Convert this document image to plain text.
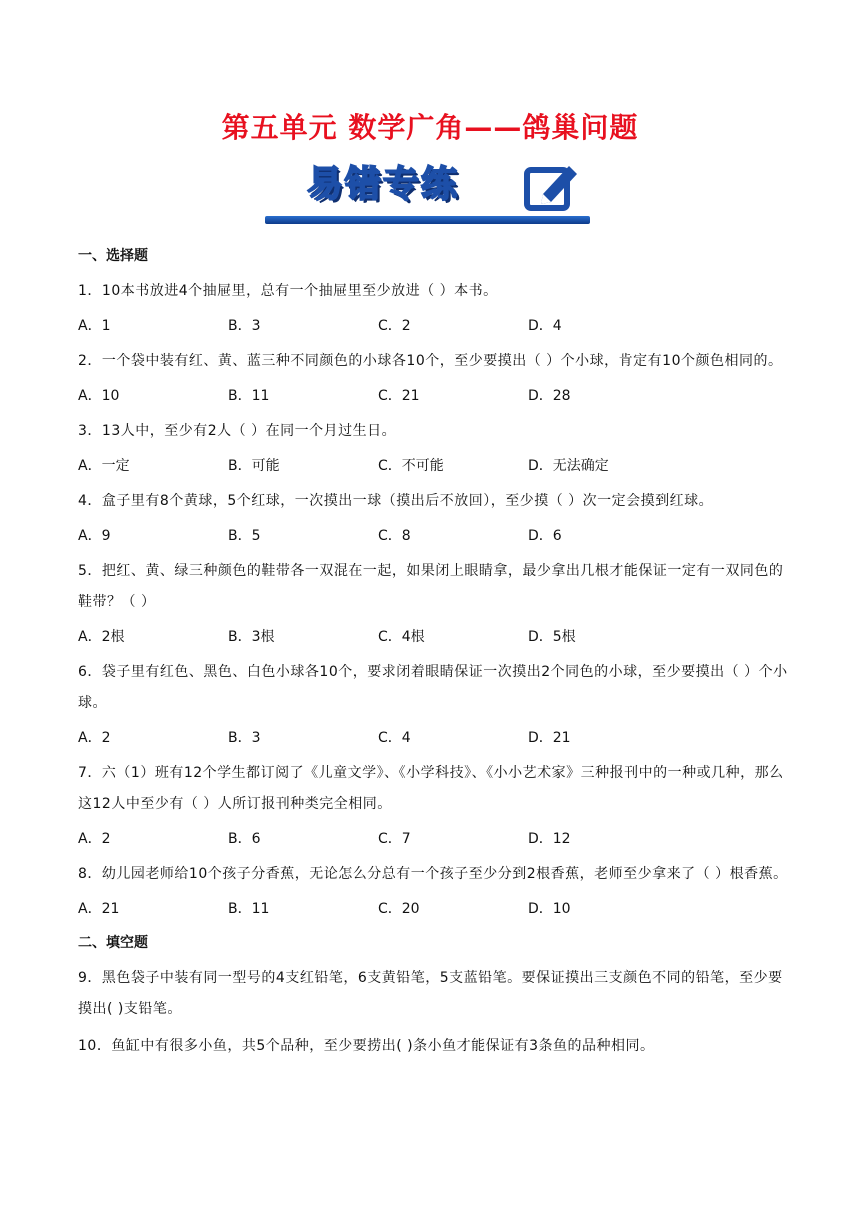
第五单元 数学广角——鸽巢问题
易错专练
一、选择题
1．10本书放进4个抽屉里，总有一个抽屉里至少放进（ ）本书。
A．1	B．3	C．2	D．4
2．一个袋中装有红、黄、蓝三种不同颜色的小球各10个，至少要摸出（ ）个小球，肯定有10个颜色相同的。
A．10	B．11	C．21	D．28
3．13人中，至少有2人（ ）在同一个月过生日。
A．一定	B．可能	C．不可能	D．无法确定
4．盒子里有8个黄球，5个红球，一次摸出一球（摸出后不放回），至少摸（ ）次一定会摸到红球。
A．9	B．5	C．8	D．6
5．把红、黄、绿三种颜色的鞋带各一双混在一起，如果闭上眼睛拿，最少拿出几根才能保证一定有一双同色的鞋带？（ ）
A．2根	B．3根	C．4根	D．5根
6．袋子里有红色、黑色、白色小球各10个，要求闭着眼睛保证一次摸出2个同色的小球，至少要摸出（ ）个小球。
A．2	B．3	C．4	D．21
7．六（1）班有12个学生都订阅了《儿童文学》、《小学科技》、《小小艺术家》三种报刊中的一种或几种，那么这12人中至少有（ ）人所订报刊种类完全相同。
A．2	B．6	C．7	D．12
8．幼儿园老师给10个孩子分香蕉，无论怎么分总有一个孩子至少分到2根香蕉，老师至少拿来了（ ）根香蕉。
A．21	B．11	C．20	D．10
二、填空题
9．黑色袋子中装有同一型号的4支红铅笔，6支黄铅笔，5支蓝铅笔。要保证摸出三支颜色不同的铅笔，至少要摸出( )支铅笔。
10．鱼缸中有很多小鱼，共5个品种，至少要捞出( )条小鱼才能保证有3条鱼的品种相同。
